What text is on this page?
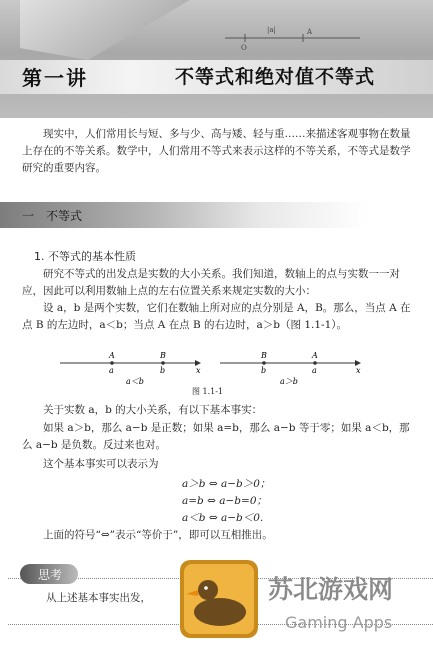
O
|a|	A
第一讲	不等式和绝对值不等式
现实中，人们常用长与短、多与少、高与矮、轻与重……来描述客观事物在数量上存在的不等关系。数学中，人们常用不等式来表示这样的不等关系，不等式是数学研究的重要内容。
一　不等式
1. 不等式的基本性质
研究不等式的出发点是实数的大小关系。我们知道，数轴上的点与实数一一对应，因此可以利用数轴上点的左右位置关系来规定实数的大小：
设 a，b 是两个实数，它们在数轴上所对应的点分别是 A，B。那么，当点 A 在点 B 的左边时，a＜b；当点 A 在点 B 的右边时，a＞b（图 1.1-1）。
A	B
a	b	x
a＜b
B	A
b	a	x
a＞b
图 1.1-1
关于实数 a，b 的大小关系，有以下基本事实：
如果 a＞b，那么 a−b 是正数；如果 a=b，那么 a−b 等于零；如果 a＜b，那么 a−b 是负数。反过来也对。
这个基本事实可以表示为
a＞b ⇔ a−b＞0；
a=b ⇔ a−b=0；
a＜b ⇔ a−b＜0.
上面的符号“⇔”表示“等价于”，即可以互相推出。
思考
从上述基本事实出发，	苏北游戏网
Gaming Apps
